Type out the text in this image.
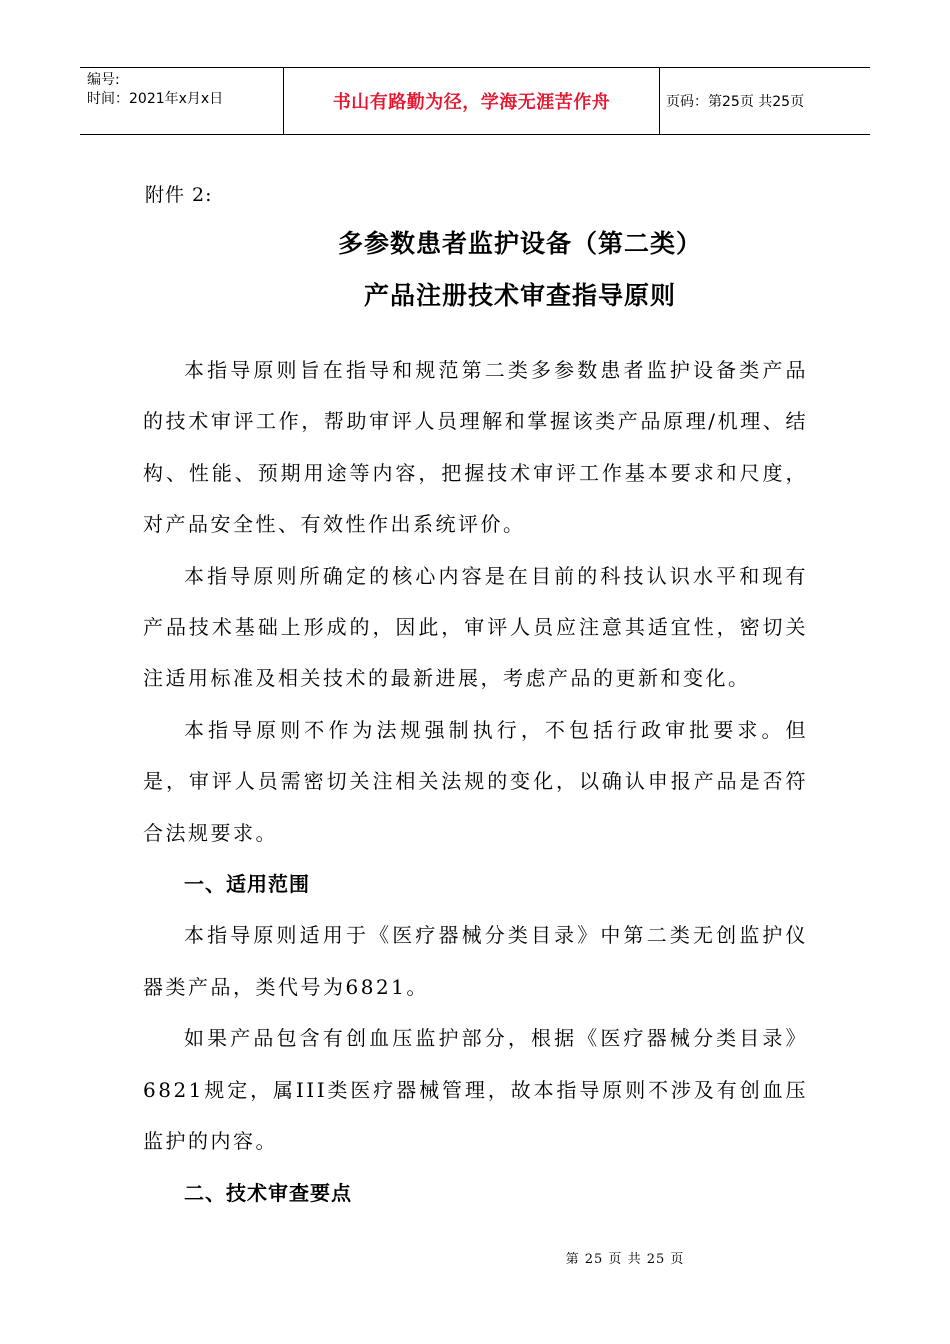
编号:
时间：2021年x月x日	书山有路勤为径，学海无涯苦作舟	页码：第25页 共25页
附件 2:
多参数患者监护设备（第二类）
产品注册技术审查指导原则

本指导原则旨在指导和规范第二类多参数患者监护设备类产品的技术审评工作，帮助审评人员理解和掌握该类产品原理/机理、结构、性能、预期用途等内容，把握技术审评工作基本要求和尺度，对产品安全性、有效性作出系统评价。

本指导原则所确定的核心内容是在目前的科技认识水平和现有产品技术基础上形成的，因此，审评人员应注意其适宜性，密切关注适用标准及相关技术的最新进展，考虑产品的更新和变化。

本指导原则不作为法规强制执行，不包括行政审批要求。但是，审评人员需密切关注相关法规的变化，以确认申报产品是否符合法规要求。

一、适用范围

本指导原则适用于《医疗器械分类目录》中第二类无创监护仪器类产品，类代号为6821。

如果产品包含有创血压监护部分，根据《医疗器械分类目录》6821规定，属III类医疗器械管理，故本指导原则不涉及有创血压监护的内容。

二、技术审查要点

第 25 页 共 25 页
